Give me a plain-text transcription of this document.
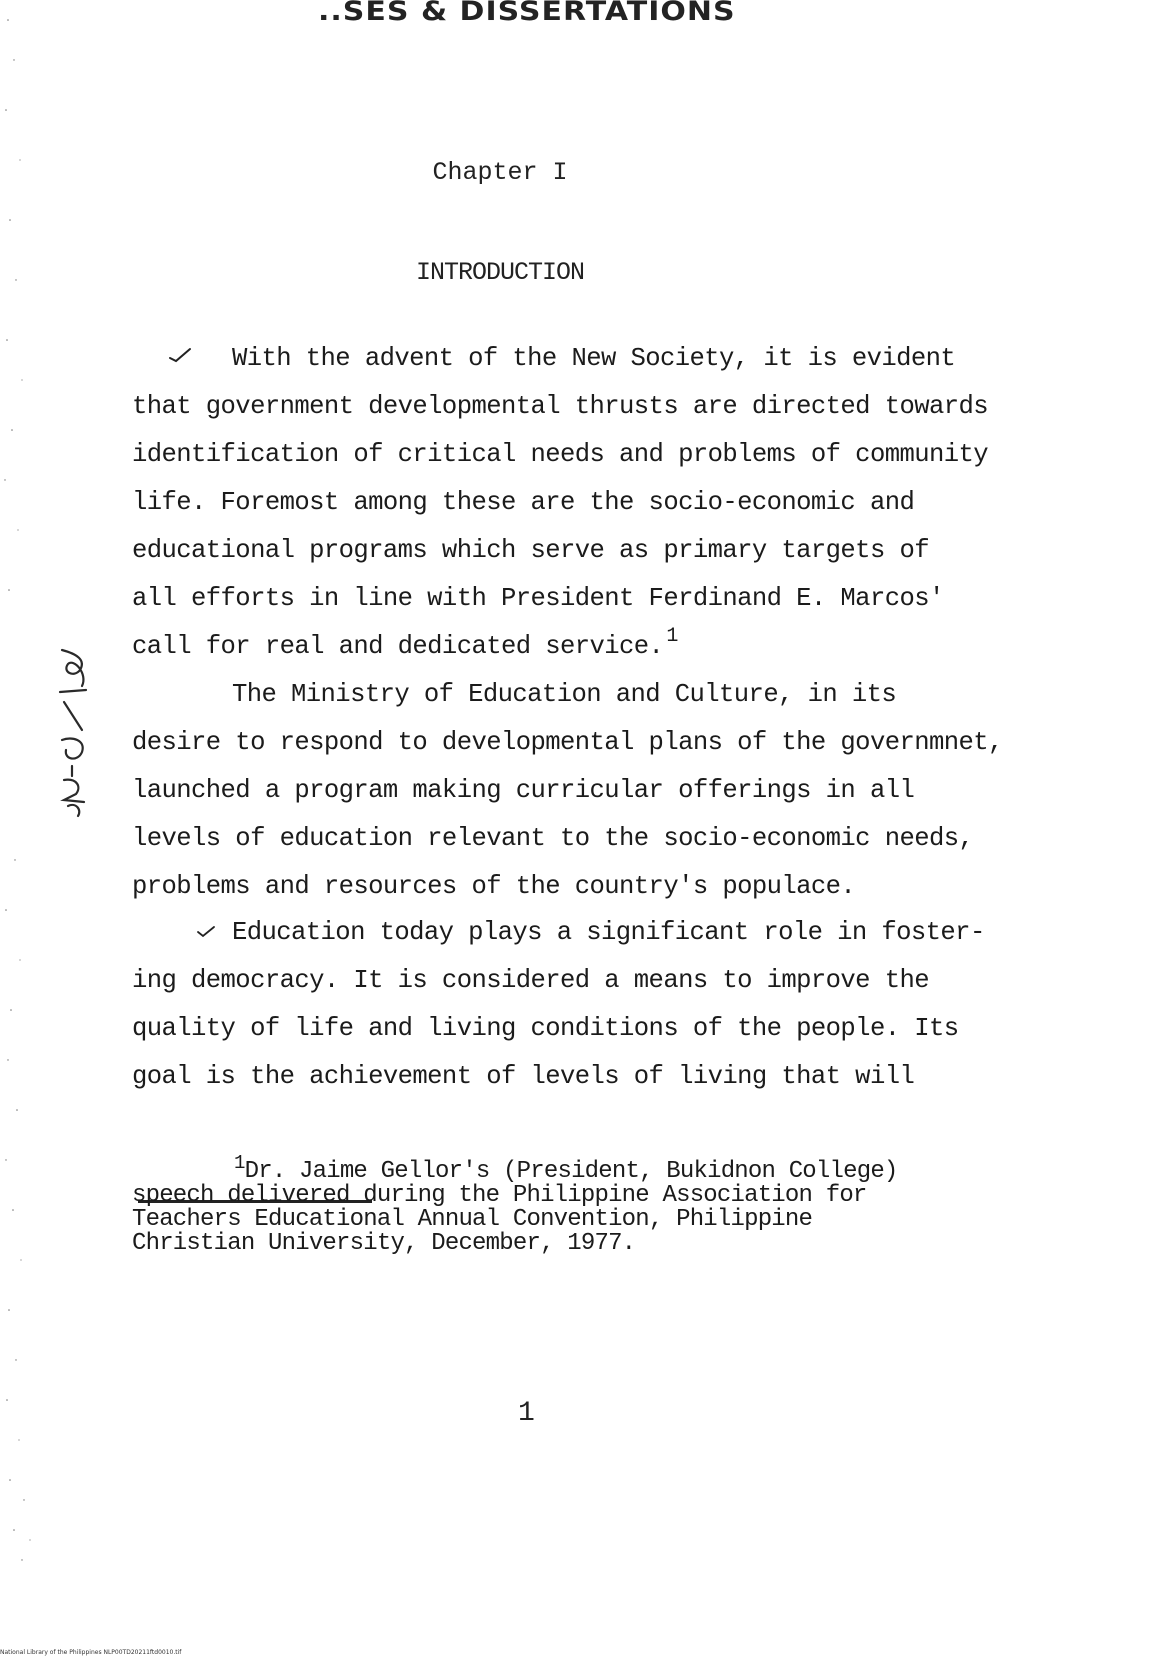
..SES & DISSERTATIONS
Chapter I
INTRODUCTION
With the advent of the New Society, it is evident
that government developmental thrusts are directed towards
identification of critical needs and problems of community
life. Foremost among these are the socio-economic and
educational programs which serve as primary targets of
all efforts in line with President Ferdinand E. Marcos'
call for real and dedicated service. $^1$
The Ministry of Education and Culture, in its
desire to respond to developmental plans of the governmnet,
launched a program making curricular offerings in all
levels of education relevant to the socio-economic needs,
problems and resources of the country's populace.
Education today plays a significant role in foster-
ing democracy. It is considered a means to improve the
quality of life and living conditions of the people. Its
goal is the achievement of levels of living that will
$^1$Dr. Jaime Gellor's (President, Bukidnon College)
speech delivered during the Philippine Association for
Teachers Educational Annual Convention, Philippine
Christian University, December, 1977.
1
National Library of the Philippines NLP00TD20211ftd0010.tif
